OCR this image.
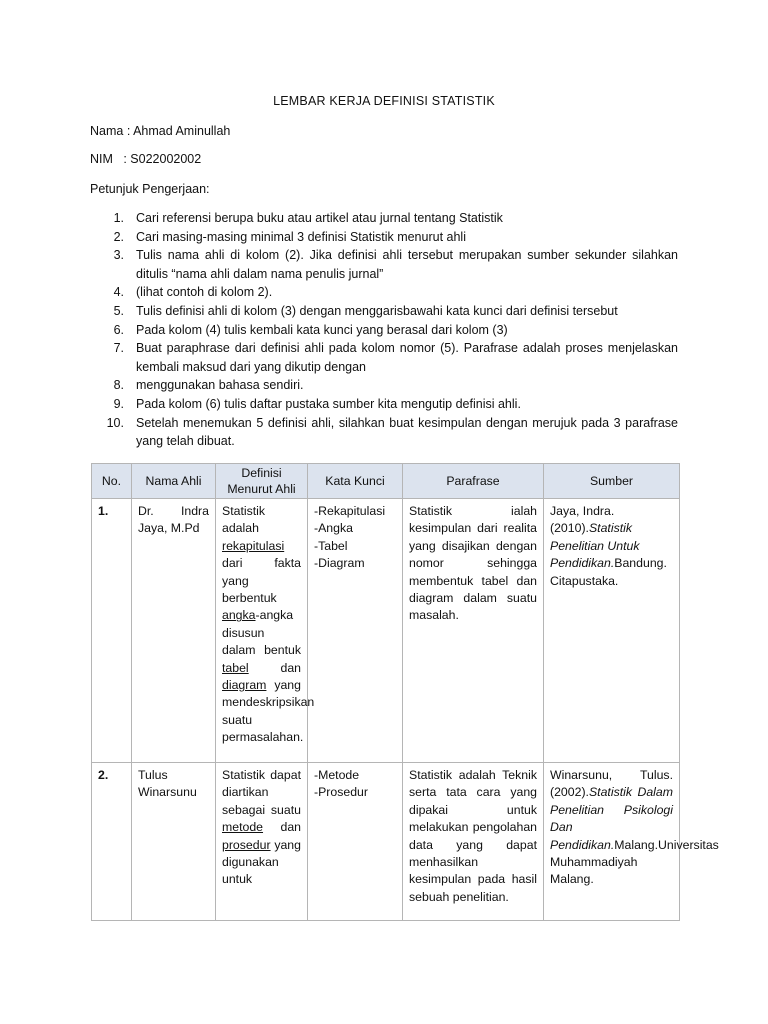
LEMBAR KERJA DEFINISI STATISTIK
Nama : Ahmad Aminullah
NIM   : S022002002
Petunjuk Pengerjaan:
1. Cari referensi berupa buku atau artikel atau jurnal tentang Statistik
2. Cari masing-masing minimal 3 definisi Statistik menurut ahli
3. Tulis nama ahli di kolom (2). Jika definisi ahli tersebut merupakan sumber sekunder silahkan ditulis “nama ahli dalam nama penulis jurnal”
4. (lihat contoh di kolom 2).
5. Tulis definisi ahli di kolom (3) dengan menggarisbawahi kata kunci dari definisi tersebut
6. Pada kolom (4) tulis kembali kata kunci yang berasal dari kolom (3)
7. Buat paraphrase dari definisi ahli pada kolom nomor (5). Parafrase adalah proses menjelaskan kembali maksud dari yang dikutip dengan
8. menggunakan bahasa sendiri.
9. Pada kolom (6) tulis daftar pustaka sumber kita mengutip definisi ahli.
10. Setelah menemukan 5 definisi ahli, silahkan buat kesimpulan dengan merujuk pada 3 parafrase yang telah dibuat.
No.	Nama Ahli	Definisi Menurut Ahli	Kata Kunci	Parafrase	Sumber
1.	Dr. Indra Jaya, M.Pd	Statistik adalah rekapitulasi dari fakta yang berbentuk angka-angka disusun dalam bentuk tabel dan diagram yang mendeskripsikan suatu permasalahan.	-Rekapitulasi
-Angka
-Tabel
-Diagram	Statistik ialah kesimpulan dari realita yang disajikan dengan nomor sehingga membentuk tabel dan diagram dalam suatu masalah.	Jaya, Indra. (2010).Statistik Penelitian Untuk Pendidikan.Bandung. Citapustaka.
2.	Tulus Winarsunu	Statistik dapat diartikan sebagai suatu metode dan prosedur yang digunakan untuk	-Metode
-Prosedur	Statistik adalah Teknik serta tata cara yang dipakai untuk melakukan pengolahan data yang dapat menhasilkan kesimpulan pada hasil sebuah penelitian.	Winarsunu, Tulus. (2002).Statistik Dalam Penelitian Psikologi Dan Pendidikan.Malang.Universitas Muhammadiyah Malang.
